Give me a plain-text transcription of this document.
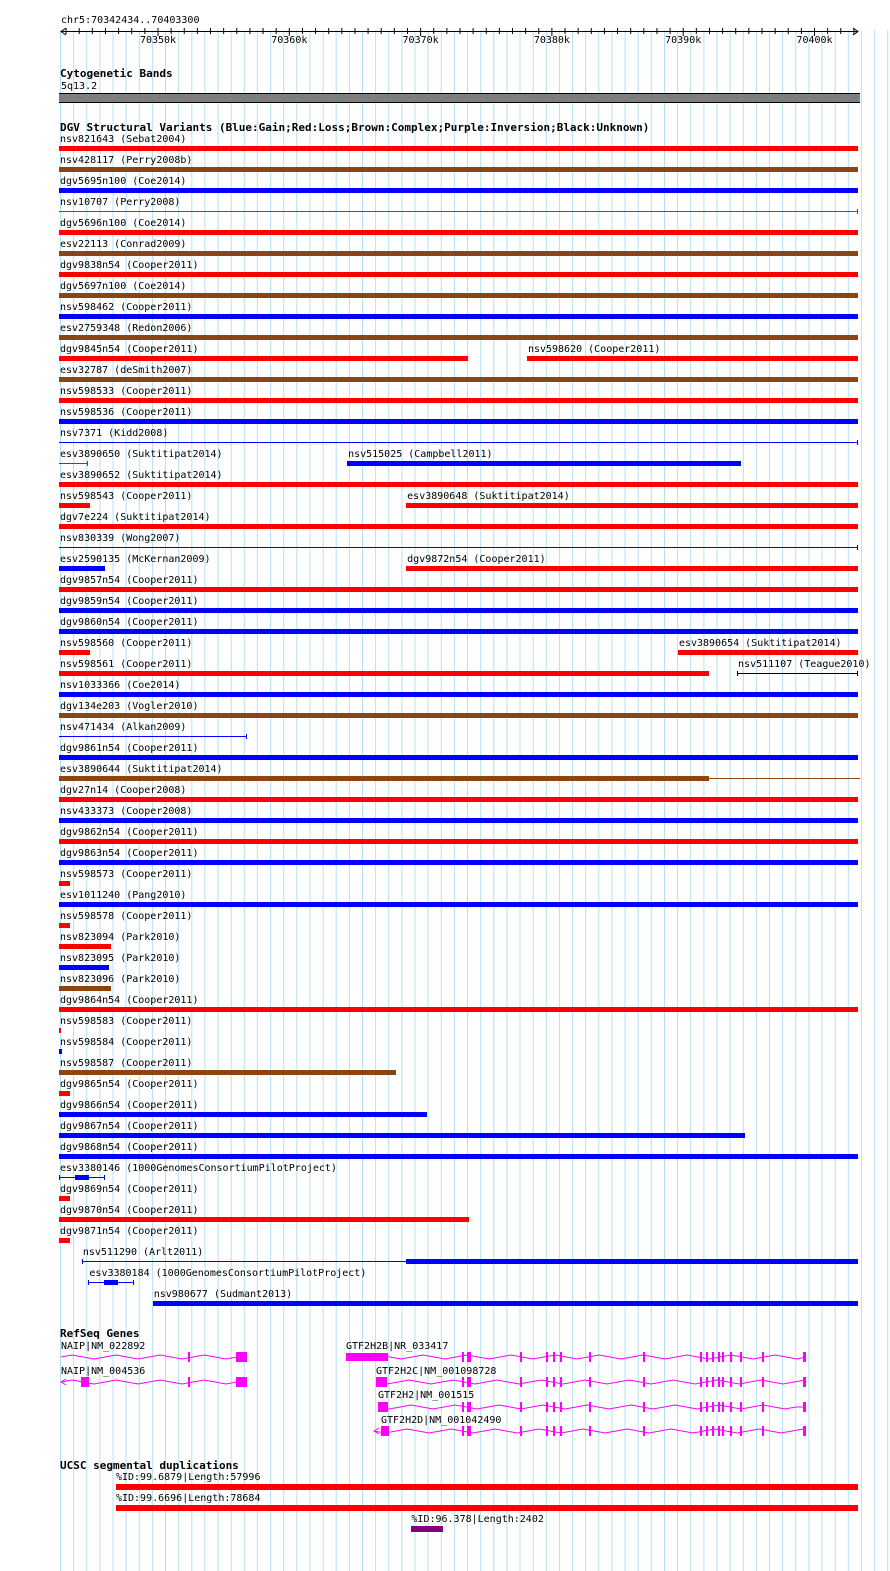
chr5:70342434..70403300
Cytogenetic Bands
5q13.2
DGV Structural Variants (Blue:Gain;Red:Loss;Brown:Complex;Purple:Inversion;Black:Unknown)
nsv821643 (Sebat2004)
nsv428117 (Perry2008b)
dgv5695n100 (Coe2014)
nsv10707 (Perry2008)
dgv5696n100 (Coe2014)
esv22113 (Conrad2009)
dgv9838n54 (Cooper2011)
dgv5697n100 (Coe2014)
nsv598462 (Cooper2011)
esv2759348 (Redon2006)
dgv9845n54 (Cooper2011)	nsv598620 (Cooper2011)
esv32787 (deSmith2007)
nsv598533 (Cooper2011)
nsv598536 (Cooper2011)
nsv7371 (Kidd2008)
esv3890650 (Suktitipat2014)	nsv515025 (Campbell2011)
esv3890652 (Suktitipat2014)
nsv598543 (Cooper2011)	esv3890648 (Suktitipat2014)
dgv7e224 (Suktitipat2014)
nsv830339 (Wong2007)
esv2590135 (McKernan2009)	dgv9872n54 (Cooper2011)
dgv9857n54 (Cooper2011)
dgv9859n54 (Cooper2011)
dgv9860n54 (Cooper2011)
nsv598560 (Cooper2011)	esv3890654 (Suktitipat2014)
nsv598561 (Cooper2011)	nsv511107 (Teague2010)
nsv1033366 (Coe2014)
dgv134e203 (Vogler2010)
nsv471434 (Alkan2009)
dgv9861n54 (Cooper2011)
esv3890644 (Suktitipat2014)
dgv27n14 (Cooper2008)
nsv433373 (Cooper2008)
dgv9862n54 (Cooper2011)
dgv9863n54 (Cooper2011)
nsv598573 (Cooper2011)
esv1011240 (Pang2010)
nsv598578 (Cooper2011)
nsv823094 (Park2010)
nsv823095 (Park2010)
nsv823096 (Park2010)
dgv9864n54 (Cooper2011)
nsv598583 (Cooper2011)
nsv598584 (Cooper2011)
nsv598587 (Cooper2011)
dgv9865n54 (Cooper2011)
dgv9866n54 (Cooper2011)
dgv9867n54 (Cooper2011)
dgv9868n54 (Cooper2011)
esv3380146 (1000GenomesConsortiumPilotProject)
dgv9869n54 (Cooper2011)
dgv9870n54 (Cooper2011)
dgv9871n54 (Cooper2011)
nsv511290 (Arlt2011)
esv3380184 (1000GenomesConsortiumPilotProject)
nsv980677 (Sudmant2013)
RefSeq Genes
NAIP|NM_022892	GTF2H2B|NR_033417
NAIP|NM_004536	GTF2H2C|NM_001098728
GTF2H2|NM_001515
GTF2H2D|NM_001042490
UCSC segmental duplications
%ID:99.6879|Length:57996
%ID:99.6696|Length:78684
%ID:96.378|Length:2402
70350k	70360k	70370k	70380k	70390k	70400k
